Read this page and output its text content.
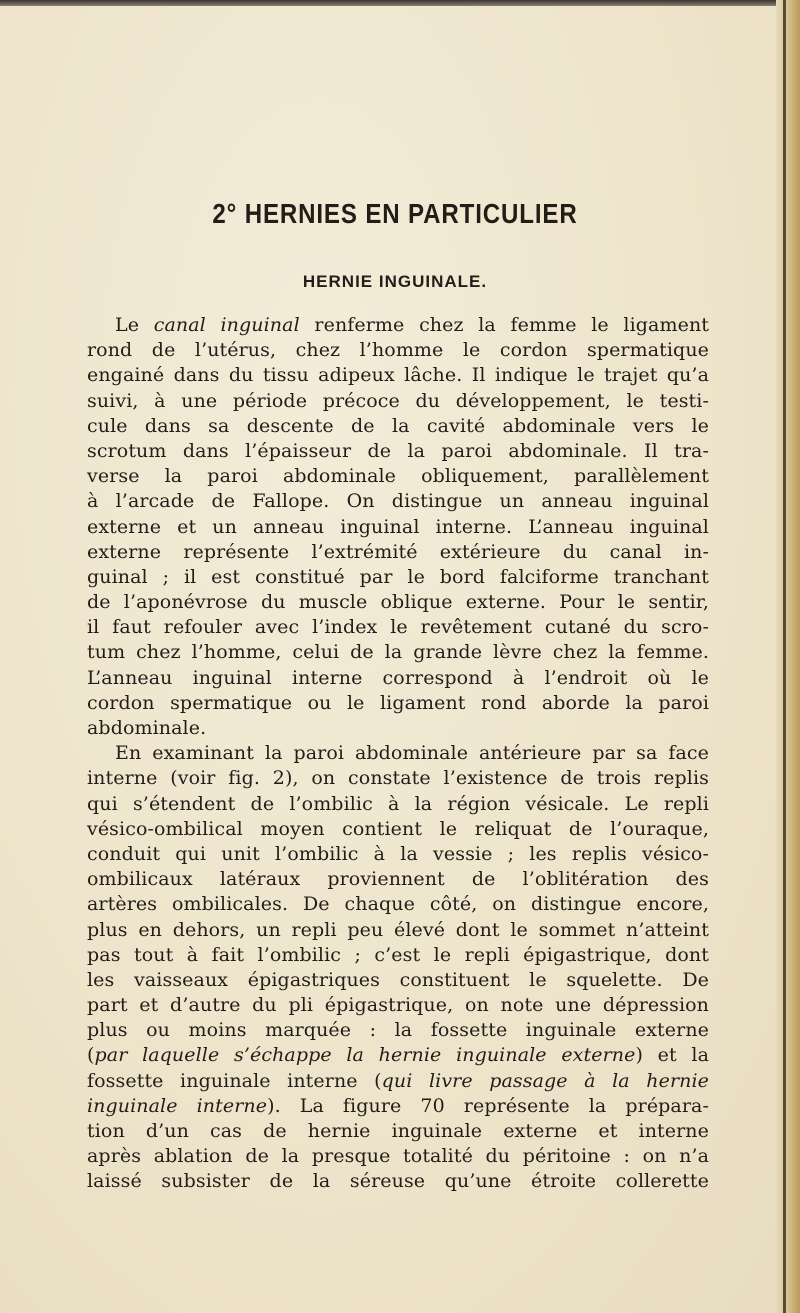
2° HERNIES EN PARTICULIER
HERNIE INGUINALE.
Le canal inguinal renferme chez la femme le ligament
rond de l’utérus, chez l’homme le cordon spermatique
engainé dans du tissu adipeux lâche. Il indique le trajet qu’a
suivi, à une période précoce du développement, le testi-
cule dans sa descente de la cavité abdominale vers le
scrotum dans l’épaisseur de la paroi abdominale. Il tra-
verse la paroi abdominale obliquement, parallèlement
à l’arcade de Fallope. On distingue un anneau inguinal
externe et un anneau inguinal interne. L’anneau inguinal
externe représente l’extrémité extérieure du canal in-
guinal ; il est constitué par le bord falciforme tranchant
de l’aponévrose du muscle oblique externe. Pour le sentir,
il faut refouler avec l’index le revêtement cutané du scro-
tum chez l’homme, celui de la grande lèvre chez la femme.
L’anneau inguinal interne correspond à l’endroit où le
cordon spermatique ou le ligament rond aborde la paroi
abdominale.
En examinant la paroi abdominale antérieure par sa face
interne (voir fig. 2), on constate l’existence de trois replis
qui s’étendent de l’ombilic à la région vésicale. Le repli
vésico-ombilical moyen contient le reliquat de l’ouraque,
conduit qui unit l’ombilic à la vessie ; les replis vésico-
ombilicaux latéraux proviennent de l’oblitération des
artères ombilicales. De chaque côté, on distingue encore,
plus en dehors, un repli peu élevé dont le sommet n’atteint
pas tout à fait l’ombilic ; c’est le repli épigastrique, dont
les vaisseaux épigastriques constituent le squelette. De
part et d’autre du pli épigastrique, on note une dépression
plus ou moins marquée : la fossette inguinale externe
(par laquelle s’échappe la hernie inguinale externe) et la
fossette inguinale interne (qui livre passage à la hernie
inguinale interne). La figure 70 représente la prépara-
tion d’un cas de hernie inguinale externe et interne
après ablation de la presque totalité du péritoine : on n’a
laissé subsister de la séreuse qu’une étroite collerette
